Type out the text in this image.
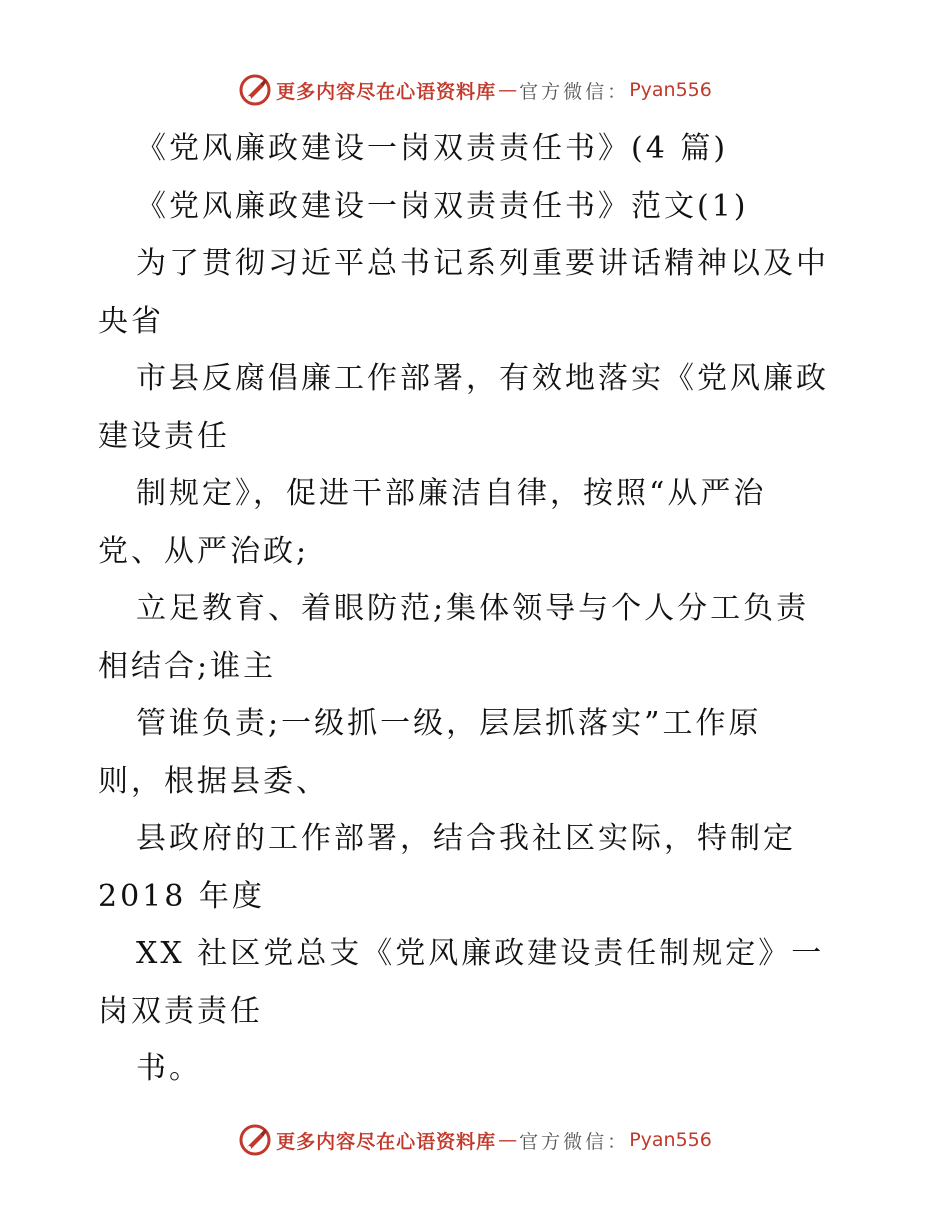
更多内容尽在心语资料库 — 官方微信： Pyan556
《党风廉政建设一岗双责责任书》(4 篇)
《党风廉政建设一岗双责责任书》范文(1)
为了贯彻习近平总书记系列重要讲话精神以及中
央省
市县反腐倡廉工作部署，有效地落实《党风廉政
建设责任
制规定》，促进干部廉洁自律，按照“从严治
党、从严治政;
立足教育、着眼防范;集体领导与个人分工负责
相结合;谁主
管谁负责;一级抓一级，层层抓落实”工作原
则，根据县委、
县政府的工作部署，结合我社区实际，特制定
2018 年度
XX 社区党总支《党风廉政建设责任制规定》一
岗双责责任
书。
更多内容尽在心语资料库 — 官方微信： Pyan556
